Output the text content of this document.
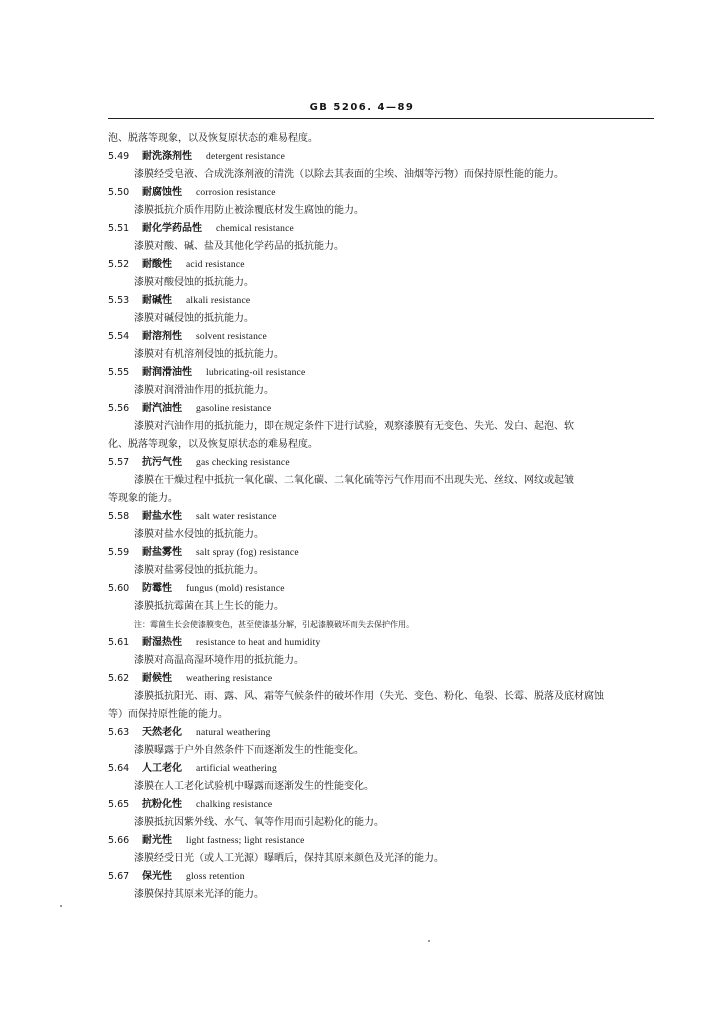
GB 5206. 4—89
泡、脱落等现象，以及恢复原状态的难易程度。
5.49 耐洗涤剂性 detergent resistance
漆膜经受皂液、合成洗涤剂液的清洗（以除去其表面的尘埃、油烟等污物）而保持原性能的能力。
5.50 耐腐蚀性 corrosion resistance
漆膜抵抗介质作用防止被涂覆底材发生腐蚀的能力。
5.51 耐化学药品性 chemical resistance
漆膜对酸、碱、盐及其他化学药品的抵抗能力。
5.52 耐酸性 acid resistance
漆膜对酸侵蚀的抵抗能力。
5.53 耐碱性 alkali resistance
漆膜对碱侵蚀的抵抗能力。
5.54 耐溶剂性 solvent resistance
漆膜对有机溶剂侵蚀的抵抗能力。
5.55 耐润滑油性 lubricating-oil resistance
漆膜对润滑油作用的抵抗能力。
5.56 耐汽油性 gasoline resistance
漆膜对汽油作用的抵抗能力，即在规定条件下进行试验，观察漆膜有无变色、失光、发白、起泡、软
化、脱落等现象，以及恢复原状态的难易程度。
5.57 抗污气性 gas checking resistance
漆膜在干燥过程中抵抗一氧化碳、二氧化碳、二氧化硫等污气作用而不出现失光、丝纹、网纹或起皱
等现象的能力。
5.58 耐盐水性 salt water resistance
漆膜对盐水侵蚀的抵抗能力。
5.59 耐盐雾性 salt spray (fog) resistance
漆膜对盐雾侵蚀的抵抗能力。
5.60 防霉性 fungus (mold) resistance
漆膜抵抗霉菌在其上生长的能力。
注：霉菌生长会使漆膜变色，甚至使漆基分解，引起漆膜破坏而失去保护作用。
5.61 耐湿热性 resistance to heat and humidity
漆膜对高温高湿环境作用的抵抗能力。
5.62 耐候性 weathering resistance
漆膜抵抗阳光、雨、露、风、霜等气候条件的破坏作用（失光、变色、粉化、龟裂、长霉、脱落及底材腐蚀
等）而保持原性能的能力。
5.63 天然老化 natural weathering
漆膜曝露于户外自然条件下而逐渐发生的性能变化。
5.64 人工老化 artificial weathering
漆膜在人工老化试验机中曝露而逐渐发生的性能变化。
5.65 抗粉化性 chalking resistance
漆膜抵抗因紫外线、水气、氧等作用而引起粉化的能力。
5.66 耐光性 light fastness; light resistance
漆膜经受日光（或人工光源）曝晒后，保持其原来颜色及光泽的能力。
5.67 保光性 gloss retention
漆膜保持其原来光泽的能力。
